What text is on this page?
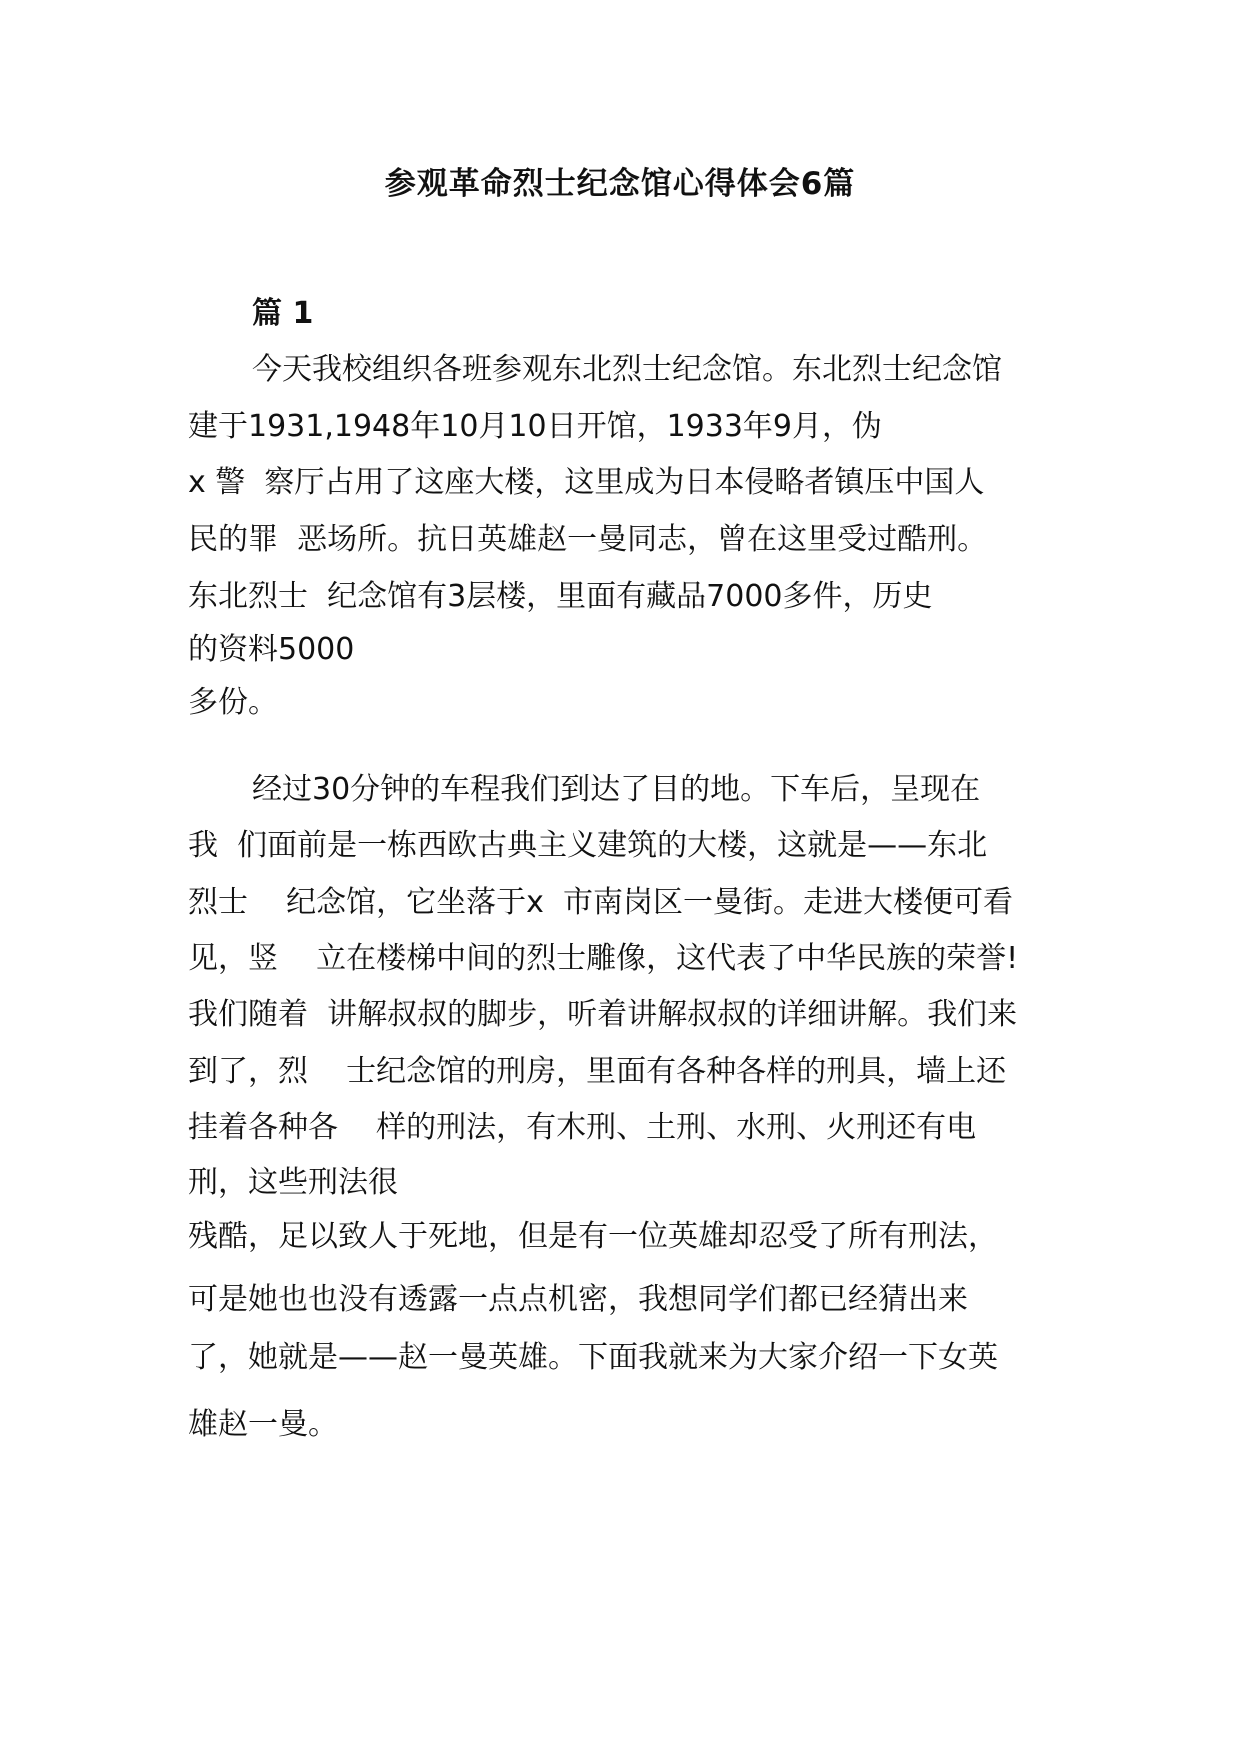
参观革命烈士纪念馆心得体会6篇
篇 1

今天我校组织各班参观东北烈士纪念馆。东北烈士纪念馆

建于1931,1948年10月10日开馆，1933年9月，伪

x 警  察厅占用了这座大楼，这里成为日本侵略者镇压中国人

民的罪  恶场所。抗日英雄赵一曼同志，曾在这里受过酷刑。

东北烈士  纪念馆有3层楼，里面有藏品7000多件，历史

的资料5000

多份。

经过30分钟的车程我们到达了目的地。下车后，呈现在

我  们面前是一栋西欧古典主义建筑的大楼，这就是——东北

烈士    纪念馆，它坐落于x  市南岗区一曼街。走进大楼便可看

见，竖    立在楼梯中间的烈士雕像，这代表了中华民族的荣誉!

我们随着  讲解叔叔的脚步，听着讲解叔叔的详细讲解。我们来

到了，烈    士纪念馆的刑房，里面有各种各样的刑具，墙上还

挂着各种各    样的刑法，有木刑、土刑、水刑、火刑还有电

刑，这些刑法很

残酷，足以致人于死地，但是有一位英雄却忍受了所有刑法，

可是她也也没有透露一点点机密，我想同学们都已经猜出来

了，她就是——赵一曼英雄。下面我就来为大家介绍一下女英

雄赵一曼。
